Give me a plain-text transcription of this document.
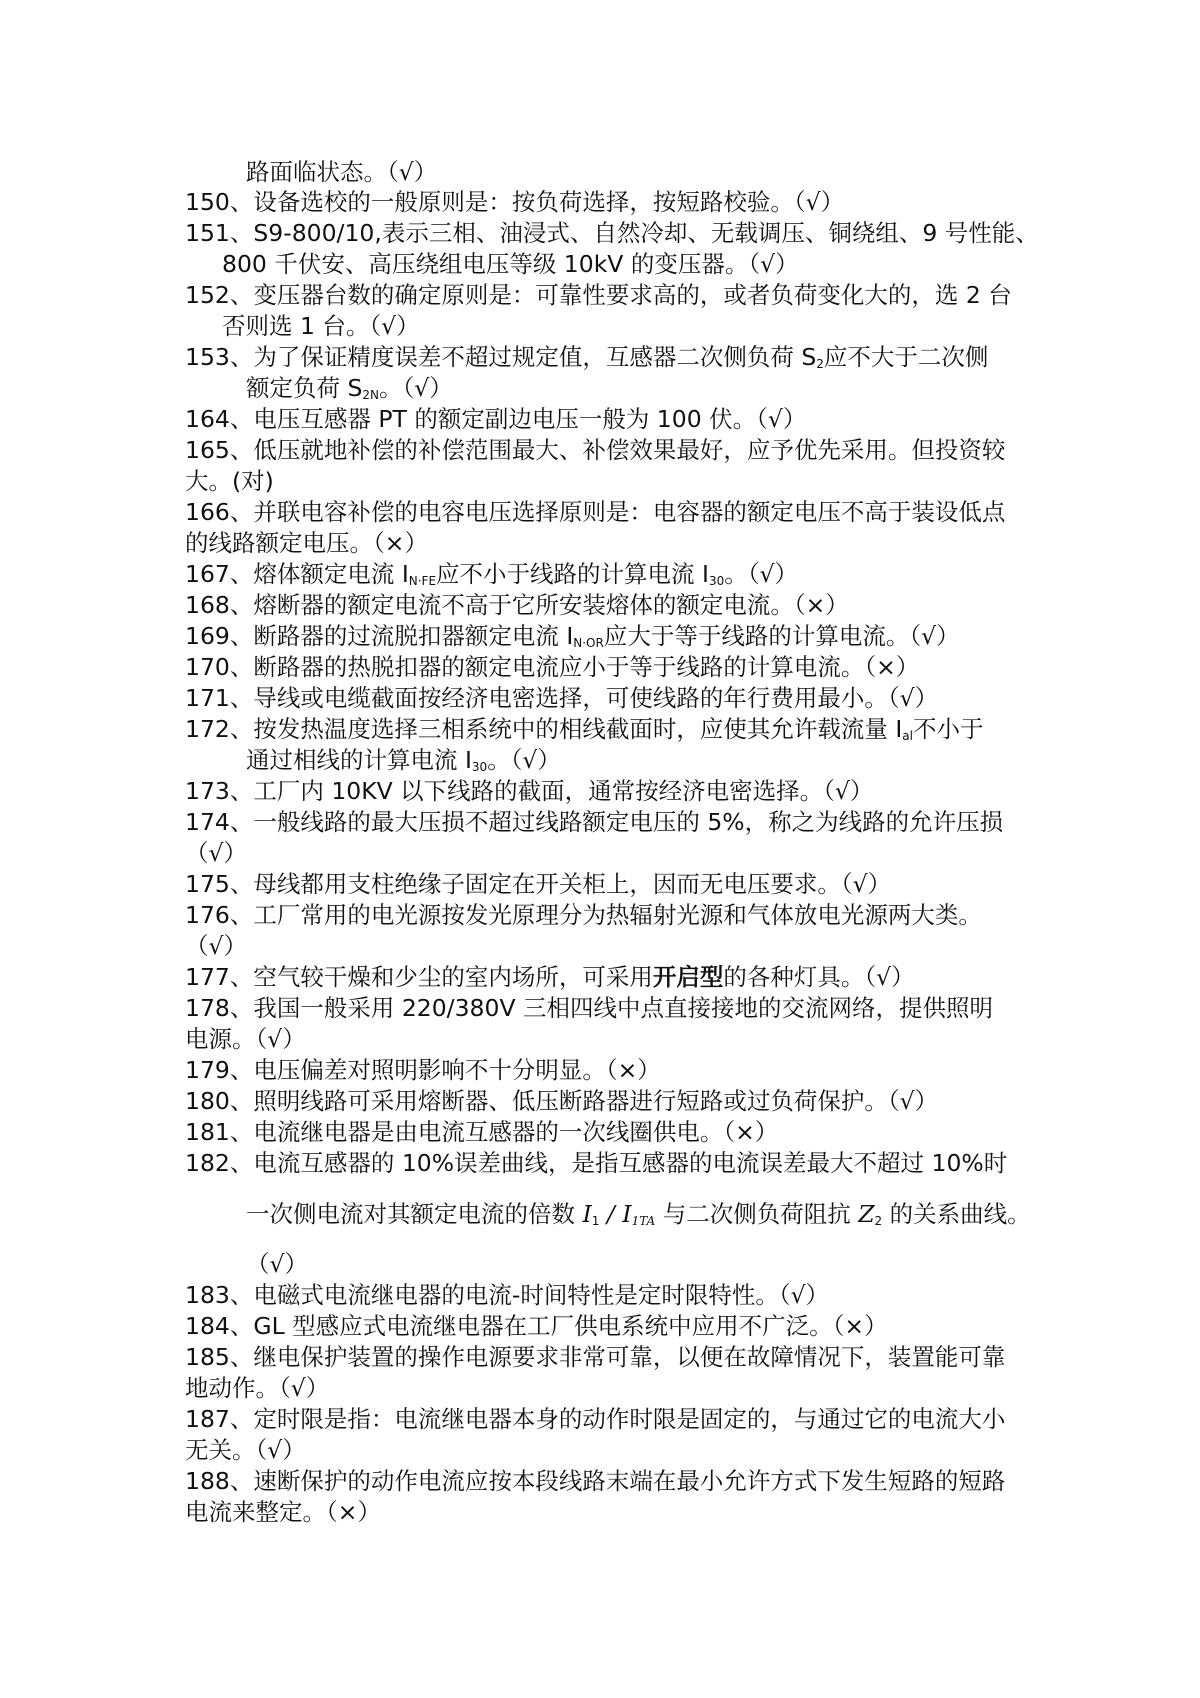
路面临状态。（√）
150、设备选校的一般原则是：按负荷选择，按短路校验。（√）
151、S9-800/10,表示三相、油浸式、自然冷却、无载调压、铜绕组、9 号性能、
800 千伏安、高压绕组电压等级 10kV 的变压器。（√）
152、变压器台数的确定原则是：可靠性要求高的，或者负荷变化大的，选 2 台
否则选 1 台。（√）
153、为了保证精度误差不超过规定值，互感器二次侧负荷 $S_2$应不大于二次侧
额定负荷 $S_{2N}$。（√）
164、电压互感器 PT 的额定副边电压一般为 100 伏。（√）
165、低压就地补偿的补偿范围最大、补偿效果最好，应予优先采用。但投资较
大。(对)
166、并联电容补偿的电容电压选择原则是：电容器的额定电压不高于装设低点
的线路额定电压。（×）
167、熔体额定电流 $I_{N\cdot FE}$应不小于线路的计算电流 $I_{30}$。（√）
168、熔断器的额定电流不高于它所安装熔体的额定电流。（×）
169、断路器的过流脱扣器额定电流 $I_{N\cdot OR}$应大于等于线路的计算电流。（√）
170、断路器的热脱扣器的额定电流应小于等于线路的计算电流。（×）
171、导线或电缆截面按经济电密选择，可使线路的年行费用最小。（√）
172、按发热温度选择三相系统中的相线截面时，应使其允许载流量 $I_{al}$不小于
通过相线的计算电流 $I_{30}$。（√）
173、工厂内 10KV 以下线路的截面，通常按经济电密选择。（√）
174、一般线路的最大压损不超过线路额定电压的 5%，称之为线路的允许压损
（√）
175、母线都用支柱绝缘子固定在开关柜上，因而无电压要求。（√）
176、工厂常用的电光源按发光原理分为热辐射光源和气体放电光源两大类。
（√）
177、空气较干燥和少尘的室内场所，可采用开启型的各种灯具。（√）
178、我国一般采用 220/380V 三相四线中点直接接地的交流网络，提供照明
电源。（√）
179、电压偏差对照明影响不十分明显。（×）
180、照明线路可采用熔断器、低压断路器进行短路或过负荷保护。（√）
181、电流继电器是由电流互感器的一次线圈供电。（×）
182、电流互感器的 10%误差曲线，是指互感器的电流误差最大不超过 10%时
一次侧电流对其额定电流的倍数 $I_1 / I_{1TA}$ 与二次侧负荷阻抗 $Z_2$ 的关系曲线。
（√）
183、电磁式电流继电器的电流-时间特性是定时限特性。（√）
184、GL 型感应式电流继电器在工厂供电系统中应用不广泛。（×）
185、继电保护装置的操作电源要求非常可靠，以便在故障情况下，装置能可靠
地动作。（√）
187、定时限是指：电流继电器本身的动作时限是固定的，与通过它的电流大小
无关。（√）
188、速断保护的动作电流应按本段线路末端在最小允许方式下发生短路的短路
电流来整定。（×）
